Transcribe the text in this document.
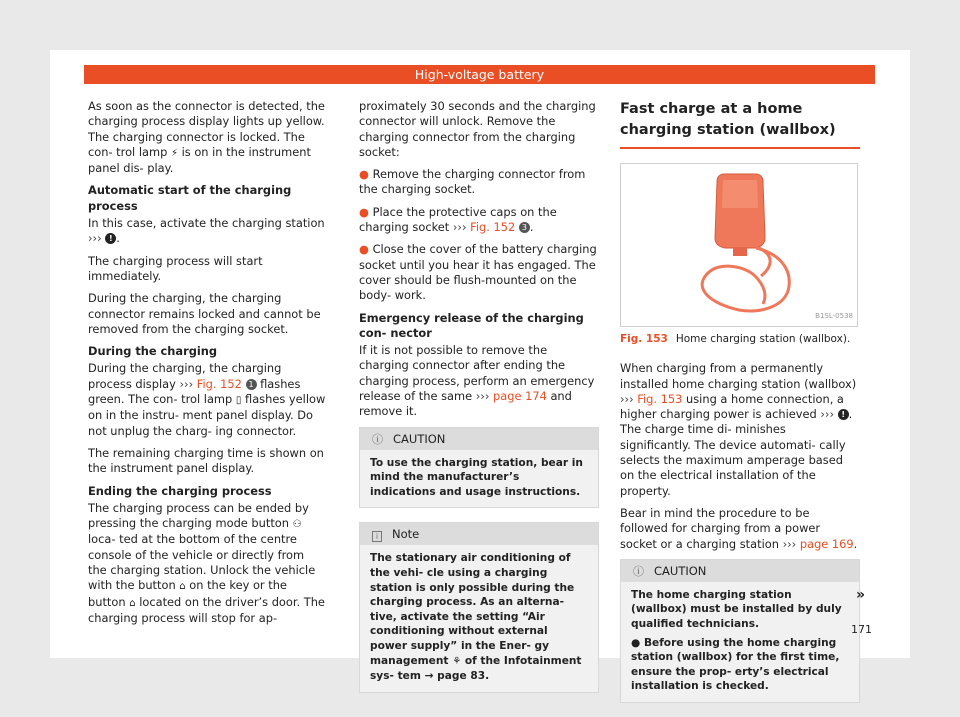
High-voltage battery

As soon as the connector is detected, the charging process display lights up yellow. The charging connector is locked. The con- trol lamp ⚡ is on in the instrument panel dis- play.

Automatic start of the charging process

In this case, activate the charging station ››› ! .

The charging process will start immediately.

During the charging, the charging connector remains locked and cannot be removed from the charging socket.

During the charging

During the charging, the charging process display ››› Fig. 152 1 flashes green. The con- trol lamp ▯ flashes yellow on in the instru- ment panel display. Do not unplug the charg- ing connector.

The remaining charging time is shown on the instrument panel display.

Ending the charging process

The charging process can be ended by pressing the charging mode button ⚇ loca- ted at the bottom of the centre console of the vehicle or directly from the charging station. Unlock the vehicle with the button ⌂ on the key or the button ⌂ located on the driver’s door. The charging process will stop for ap-

proximately 30 seconds and the charging connector will unlock. Remove the charging connector from the charging socket:

● Remove the charging connector from the charging socket.

● Place the protective caps on the charging socket ››› Fig. 152 3 .

● Close the cover of the battery charging socket until you hear it has engaged. The cover should be flush-mounted on the body- work.

Emergency release of the charging con- nector

If it is not possible to remove the charging connector after ending the charging process, perform an emergency release of the same ››› page 174 and remove it.

ⓘ CAUTION
To use the charging station, bear in mind the manufacturer’s indications and usage instructions.
i Note
The stationary air conditioning of the vehi- cle using a charging station is only possible during the charging process. As an alterna- tive, activate the setting “Air conditioning without external power supply” in the Ener- gy management ⚘ of the Infotainment sys- tem → page 83.
Fast charge at a home charging station (wallbox)
B1SL-0538
Fig. 153 Home charging station (wallbox).

When charging from a permanently installed home charging station (wallbox) ››› Fig. 153 using a home connection, a higher charging power is achieved ››› ! . The charge time di- minishes significantly. The device automati- cally selects the maximum amperage based on the electrical installation of the property.

Bear in mind the procedure to be followed for charging from a power socket or a charging station ››› page 169.

ⓘ CAUTION

The home charging station (wallbox) must be installed by duly qualified technicians.

● Before using the home charging station (wallbox) for the first time, ensure the prop- erty’s electrical installation is checked.

»
171
